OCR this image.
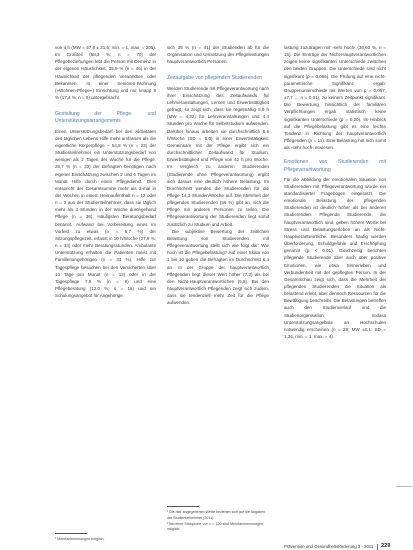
von 4 h (MW = 47,8 ± 31,6; min. = 1, max. = 205). Im Großteil (58,2 %; n = 70) der Pflegebeziehungen lebt die Person mit Demenz in der eigenen Häuslichkeit, 35,9 % (n = 46) in der Häuslichkeit der pflegenden Verwandten oder Bekannten. In einer Senioren-Wohnung (»Wohnen-Pflege«) Einrichtung und nur knapp 8 % (17,4 %; n = 9) untergebracht.

Gestaltung der Pflege- und Unterstützungsarrangements

Einen Unterstützungsbedarf bei den Aktivitäten des täglichen Lebens Hilfe mehr umfassen als die eigentliche Körperpflege – 54,8 % (n = 23) der Studienteilnehmer ein Unterstützungsbedarf von weniger als 2 Tagen der Woche für die Pflege. 25,7 % (n = 33) der Befragten benötigen nach eigener Einschätzung zwischen 2 und 6 Tagen im Monat Hilfe durch einen Pflegedienst. Dies entspricht der Gesamtsumme mehr als 2-mal in der Wochen in einem Heimaufenthalt n = 12 oder n = 3 aus der Studienteilnehmer, dass sie täglich mehr als 3 Stunden in der Woche durchgehend Pflege (n = 36). Häufigsten Beratungsbedarf benannt. Aufwand bei Vorbereitung eines im Vorfeld zu etwas (n = 5,7 %) der Sitzungspflegezeit, erfasst in 10 h/Woche (27,9 %; n = 33) oder mehr Beratungsstunden. Ambulante Unterstützung erhalten die Patienten meist mit Familienangehörigen (n = 33 %). Hilfe zur Tagespflege besuchen bei den Versicherten über 10 Tage pro Monat (n = 12) oder in der Tagespflege 7,9 % (n = 9) und eine Pflegeberatung (12,0 %; n = 16) und ein Schulungsangebot für Angehörige.

sich 36 % (n = 41) der Studienden ab für die Organisation und Umsetzung der Pflegeleistungen hauptverantwortlich Personen.

Zeitaufgabe von pflegenden Studierenden

Werden Studierende mit Pflegeverantwortung nach ihrer Einschätzung des Zeitaufwands für Lehrveranstaltungen, Lernen und Erwerbstätigkeit gefragt, so zeigt sich, dass sie regelmäßig 5,9 h (MW = 4,22) für Lehrveranstaltungen und 4,4 Stunden pro Woche für Selbststudium aufwenden. Darüber hinaus arbeiten sie durchschnittlich 5,9 h/Woche (SD = 5,0) in einer Erwerbstätigkeit. Gemeinsam mit der Pflege ergibt sich ein durchschnittlicher Zeitaufwand für Studium, Erwerbstätigkeit und Pflege von 42 h pro Woche. Im Vergleich zu anderen Studierenden (Studierende ohne Pflegeverantwortung) ergibt sich daraus eine deutlich höhere Belastung. Im Durchschnitt wenden die Studierenden für die Pflege 14,3 Stunden/Woche auf. Die Mehrheit der pflegenden Studierenden (56 %) gibt an, sich die Pflege mit anderen Personen zu teilen. Die Pflegeverantwortung der Studierenden liegt somit zusätzlich zu Studium und Arbeit.

Die subjektive Bewertung der zeitlichen Belastung von Studierenden mit Pflegeverantwortung stellt sich wie folgt dar: Wie hoch ist die Pflegebelastung? Auf einer Skala von 1 bis 10 geben die Befragten im Durchschnitt 6,4 an. In der Gruppe der hauptverantwortlich Pflegenden liegt dieser Wert höher (7,3) als bei den Nicht-Hauptverantwortlichen (5,8). Bei den hauptverantwortlich Pflegenden zeigt sich zudem, dass sie tendenziell mehr Zeit für die Pflege aufwenden.

lastung zuzutragen mit ›sehr hoch‹ (36,60 %, n = 15). Die Einträge der Nicht-Hauptverantwortlichen zeigen keine signifikanten Unterschiede zwischen den beiden Gruppen. Die Unterschiede sind nicht signifikant (p = 0,066). Die Prüfung auf eine nicht-parametrische Signifikanz ergab: Gruppenunterschiede mit Werten von p = 0,057, ±7,7 … n = 0,01), zu keinem Zeitpunkt signifikant. Die Bewertung hinsichtlich der familiären Verpflichtungen ergab statistisch keine signifikanten Unterschiede (p = 0,20). Im Hinblick auf die Pflegebelastung gibt es eine leichte Tendenz in Richtung der hauptverantwortlich Pflegenden (n = 11). Eine Belastung hat sich somit als ›sehr hoch‹ erwiesen.

Emotionen von Studierenden mit Pflegeverantwortung

Für die Abbildung der emotionalen Situation von Studierenden mit Pflegeverantwortung wurde ein standardisierter Fragebogen eingesetzt. Die emotionale Belastung der pflegenden Studierenden ist deutlich höher als bei anderen Studierenden. Pflegende Studierende, die hauptverantwortlich sind, geben höhere Werte bei Stress und Belastungserleben an als Nicht-Hauptverantwortliche. Besonders häufig werden Überforderung, Schuldgefühle und Erschöpfung genannt (p < 0,01). Gleichzeitig berichten pflegende Studierende aber auch über positive Emotionen, wie etwa Sinnerleben und Verbundenheit mit der gepflegten Person. In der Gesamtschau zeigt sich, dass die Mehrheit der pflegenden Studierenden die Situation als belastend erlebt, aber dennoch Ressourcen für die Bewältigung beschreibt. Die Belastungen betreffen auch den Studienverlauf und die Studienorganisation, sodass Unterstützungsangebote an Hochschulen notwendig erscheinen (n = 28; MW ±2,1; SD = 1,36, min. = 1, max. = 4).

³ Mehrfachnennungen möglich.
¹ Die hier angegebenen Werte beziehen sich auf die Angaben der Studienteilnehmer (2011).
² Bei einer Stichprobe von n = 120 sind Mehrfachnennungen möglich.
Prävention und Gesundheitsförderung 3 · 2011 229
